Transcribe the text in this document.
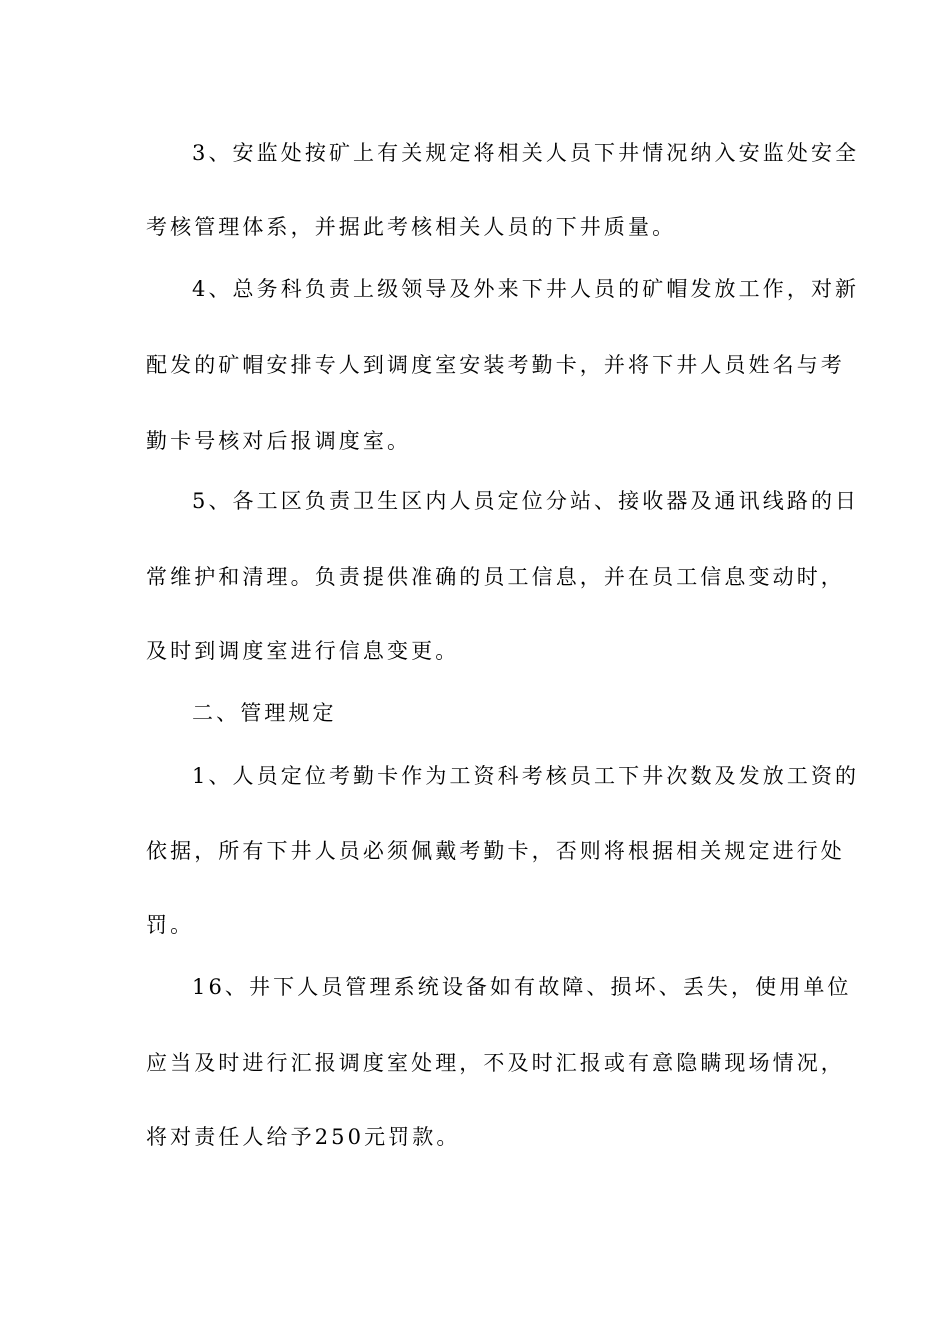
3、安监处按矿上有关规定将相关人员下井情况纳入安监处安全
考核管理体系，并据此考核相关人员的下井质量。
4、总务科负责上级领导及外来下井人员的矿帽发放工作，对新
配发的矿帽安排专人到调度室安装考勤卡，并将下井人员姓名与考
勤卡号核对后报调度室。
5、各工区负责卫生区内人员定位分站、接收器及通讯线路的日
常维护和清理。负责提供准确的员工信息，并在员工信息变动时，
及时到调度室进行信息变更。
二、管理规定
1、人员定位考勤卡作为工资科考核员工下井次数及发放工资的
依据，所有下井人员必须佩戴考勤卡，否则将根据相关规定进行处
罚。
16、井下人员管理系统设备如有故障、损坏、丢失，使用单位
应当及时进行汇报调度室处理，不及时汇报或有意隐瞒现场情况，
将对责任人给予250元罚款。
